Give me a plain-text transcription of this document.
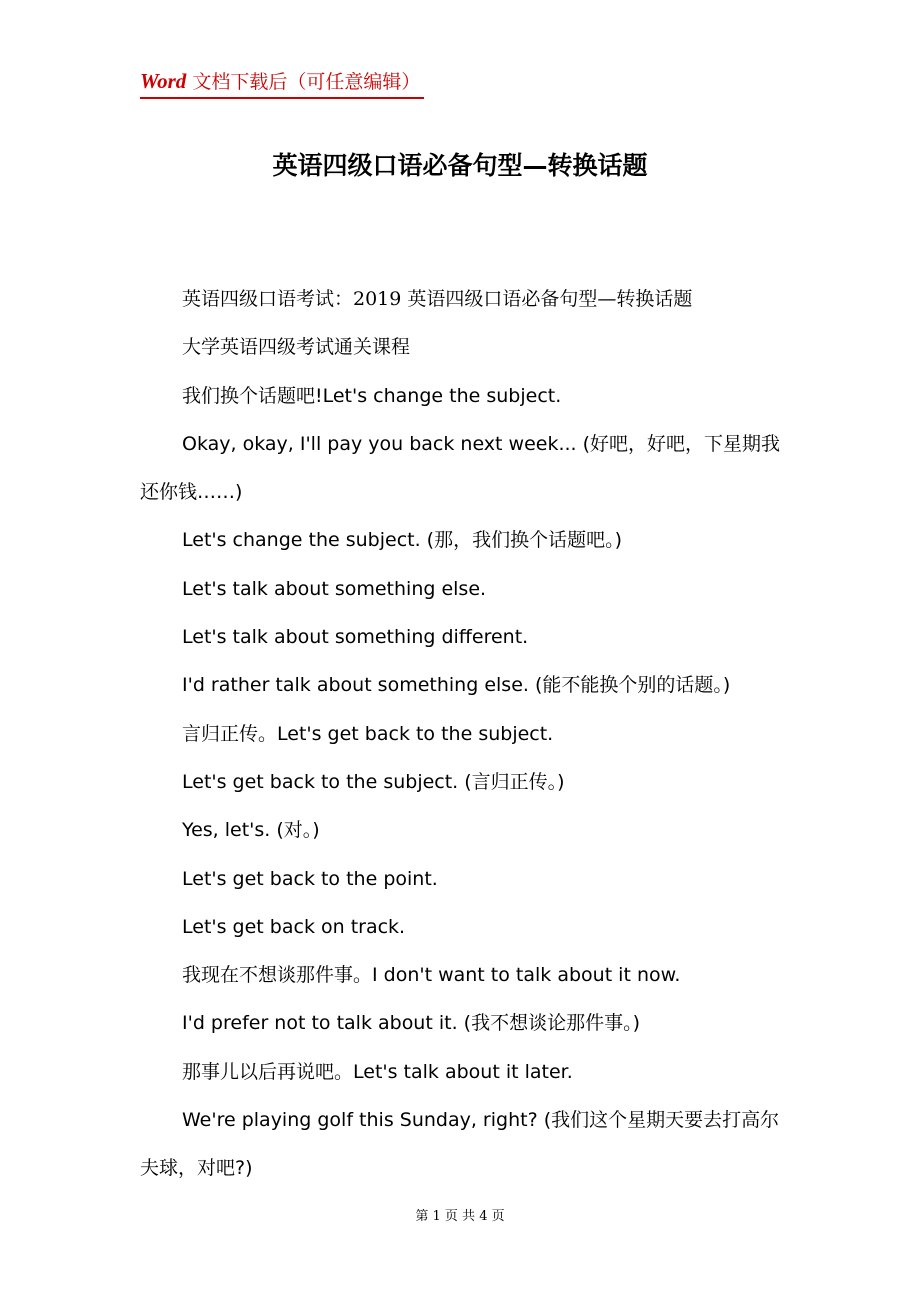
Word 文档下载后（可任意编辑）
英语四级口语必备句型—转换话题

英语四级口语考试：2019 英语四级口语必备句型—转换话题

大学英语四级考试通关课程

我们换个话题吧!Let's change the subject.

Okay, okay, I'll pay you back next week... (好吧，好吧，下星期我还你钱……)

Let's change the subject. (那，我们换个话题吧。)

Let's talk about something else.

Let's talk about something different.

I'd rather talk about something else. (能不能换个别的话题。)

言归正传。Let's get back to the subject.

Let's get back to the subject. (言归正传。)

Yes, let's. (对。)

Let's get back to the point.

Let's get back on track.

我现在不想谈那件事。I don't want to talk about it now.

I'd prefer not to talk about it. (我不想谈论那件事。)

那事儿以后再说吧。Let's talk about it later.

We're playing golf this Sunday, right? (我们这个星期天要去打高尔夫球，对吧?)

第 1 页 共 4 页
